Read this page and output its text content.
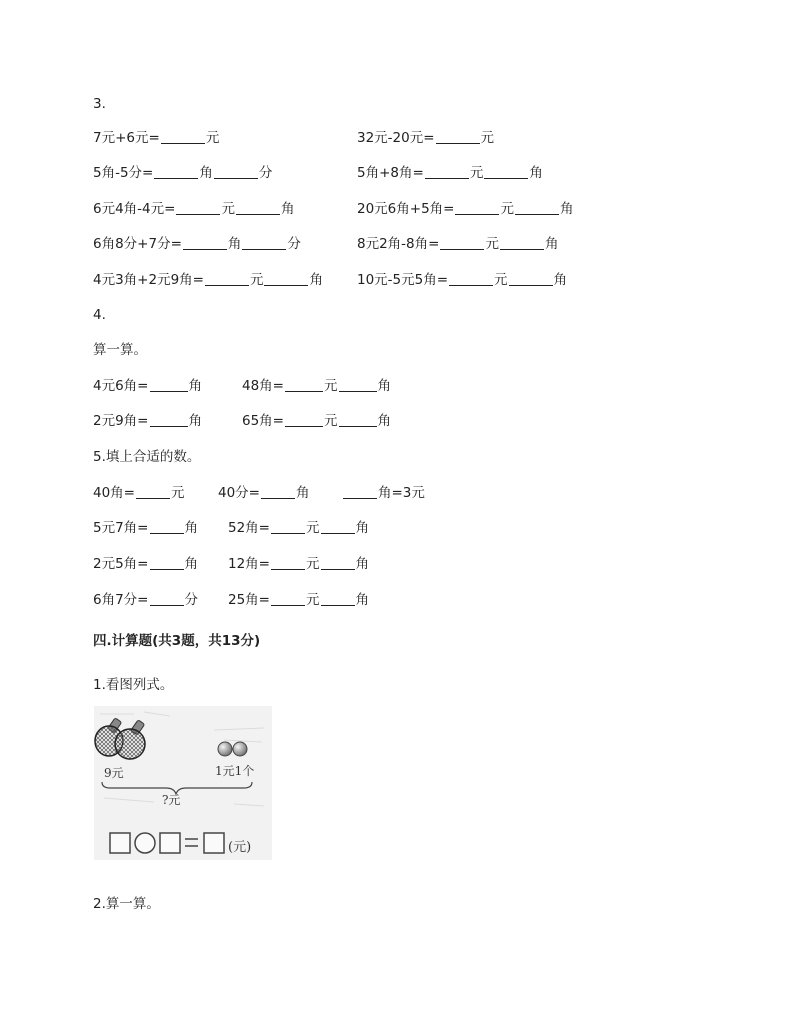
3.
7元+6元=	元	32元-20元=	元
5角-5分=	角	分	5角+8角=	元	角
6元4角-4元=	元	角	20元6角+5角=	元	角
6角8分+7分=	角	分	8元2角-8角=	元	角
4元3角+2元9角=	元	角	10元-5元5角=	元	角
4.
算一算。
4元6角=	角	48角=	元	角
2元9角=	角	65角=	元	角
5.填上合适的数。
40角=	元 40分=	角	角=3元
5元7角=	角 52角=	元	角
2元5角=	角 12角=	元	角
6角7分=	分 25角=	元	角
四.计算题(共3题，共13分)
1.看图列式。
9元	1元1个
?元
(元)
2.算一算。
